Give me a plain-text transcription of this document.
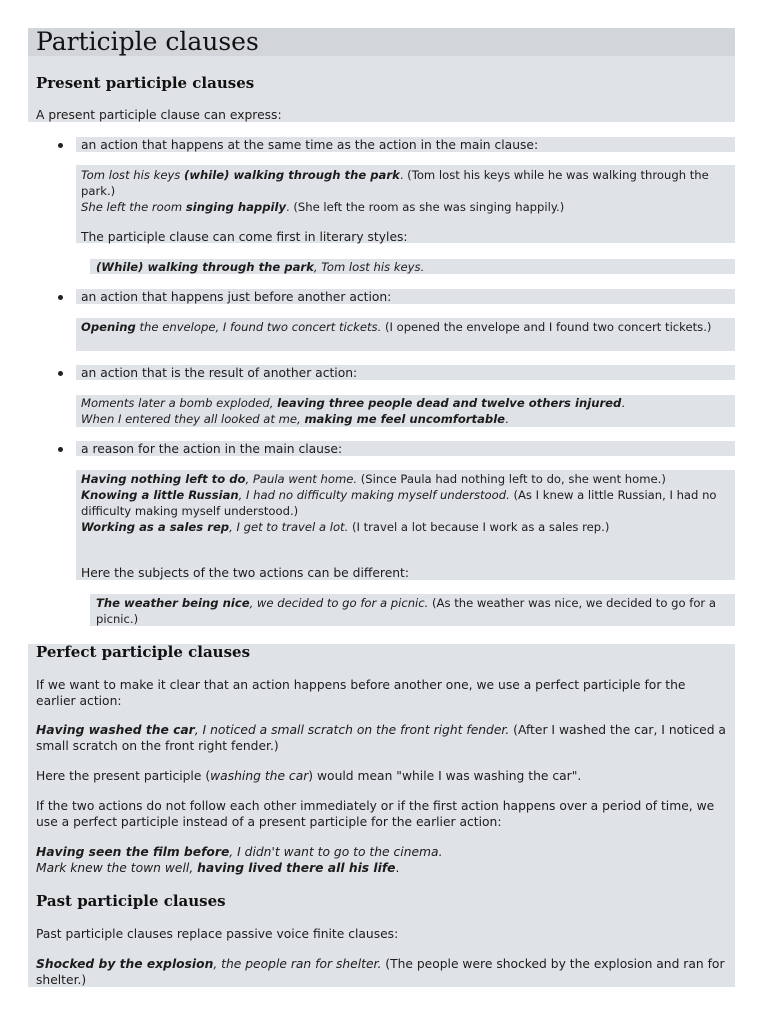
Participle clauses
Present participle clauses
A present participle clause can express:
an action that happens at the same time as the action in the main clause:

Tom lost his keys (while) walking through the park. (Tom lost his keys while he was walking through the park.)

She left the room singing happily. (She left the room as she was singing happily.)

The participle clause can come first in literary styles:
(While) walking through the park, Tom lost his keys.
an action that happens just before another action:

Opening the envelope, I found two concert tickets. (I opened the envelope and I found two concert tickets.)

an action that is the result of another action:

Moments later a bomb exploded, leaving three people dead and twelve others injured.

When I entered they all looked at me, making me feel uncomfortable.

a reason for the action in the main clause:

Having nothing left to do, Paula went home. (Since Paula had nothing left to do, she went home.)

Knowing a little Russian, I had no difficulty making myself understood. (As I knew a little Russian, I had no difficulty making myself understood.)

Working as a sales rep, I get to travel a lot. (I travel a lot because I work as a sales rep.)

Here the subjects of the two actions can be different:

The weather being nice, we decided to go for a picnic. (As the weather was nice, we decided to go for a picnic.)

Perfect participle clauses
If we want to make it clear that an action happens before another one, we use a perfect participle for the earlier action:

Having washed the car, I noticed a small scratch on the front right fender. (After I washed the car, I noticed a small scratch on the front right fender.)

Here the present participle (washing the car) would mean "while I was washing the car".
If the two actions do not follow each other immediately or if the first action happens over a period of time, we use a perfect participle instead of a present participle for the earlier action:

Having seen the film before, I didn't want to go to the cinema.

Mark knew the town well, having lived there all his life.

Past participle clauses
Past participle clauses replace passive voice finite clauses:

Shocked by the explosion, the people ran for shelter. (The people were shocked by the explosion and ran for shelter.)
